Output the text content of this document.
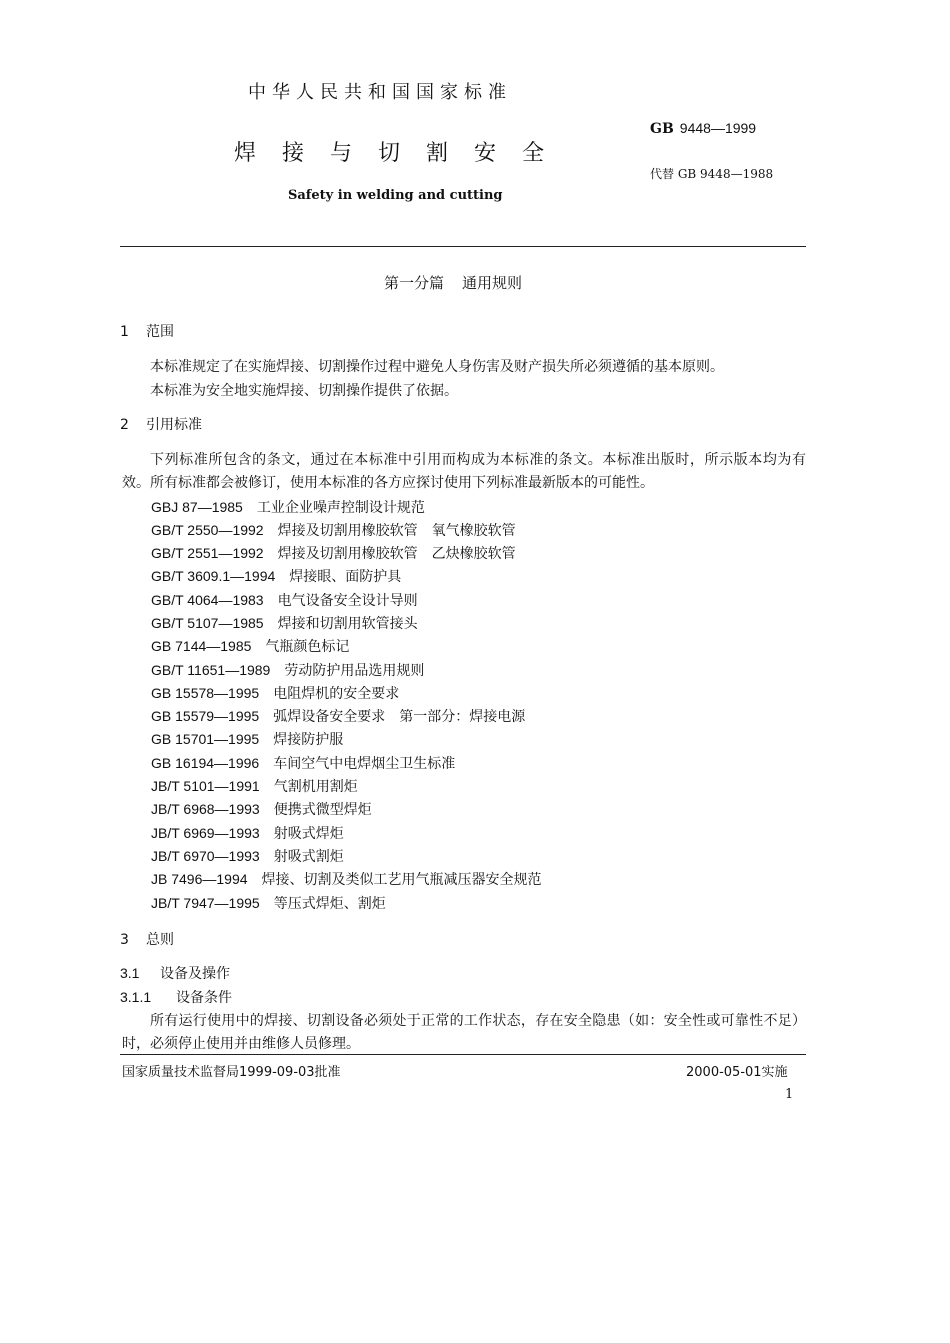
中华人民共和国国家标准
焊接与切割安全
Safety in welding and cutting
GB 9448—1999
代替 GB 9448—1988
第一分篇 通用规则
1 范围
本标准规定了在实施焊接、切割操作过程中避免人身伤害及财产损失所必须遵循的基本原则。
本标准为安全地实施焊接、切割操作提供了依据。
2 引用标准
下列标准所包含的条文，通过在本标准中引用而构成为本标准的条文。本标准出版时，所示版本均为有效。所有标准都会被修订，使用本标准的各方应探讨使用下列标准最新版本的可能性。
GBJ 87—1985 工业企业噪声控制设计规范
GB/T 2550—1992 焊接及切割用橡胶软管　氧气橡胶软管
GB/T 2551—1992 焊接及切割用橡胶软管　乙炔橡胶软管
GB/T 3609.1—1994 焊接眼、面防护具
GB/T 4064—1983 电气设备安全设计导则
GB/T 5107—1985 焊接和切割用软管接头
GB 7144—1985 气瓶颜色标记
GB/T 11651—1989 劳动防护用品选用规则
GB 15578—1995 电阻焊机的安全要求
GB 15579—1995 弧焊设备安全要求　第一部分：焊接电源
GB 15701—1995 焊接防护服
GB 16194—1996 车间空气中电焊烟尘卫生标准
JB/T 5101—1991 气割机用割炬
JB/T 6968—1993 便携式微型焊炬
JB/T 6969—1993 射吸式焊炬
JB/T 6970—1993 射吸式割炬
JB 7496—1994 焊接、切割及类似工艺用气瓶减压器安全规范
JB/T 7947—1995 等压式焊炬、割炬
3 总则
3.1 设备及操作
3.1.1 设备条件
所有运行使用中的焊接、切割设备必须处于正常的工作状态，存在安全隐患（如：安全性或可靠性不足）时，必须停止使用并由维修人员修理。
国家质量技术监督局1999-09-03批准	2000-05-01实施
1
